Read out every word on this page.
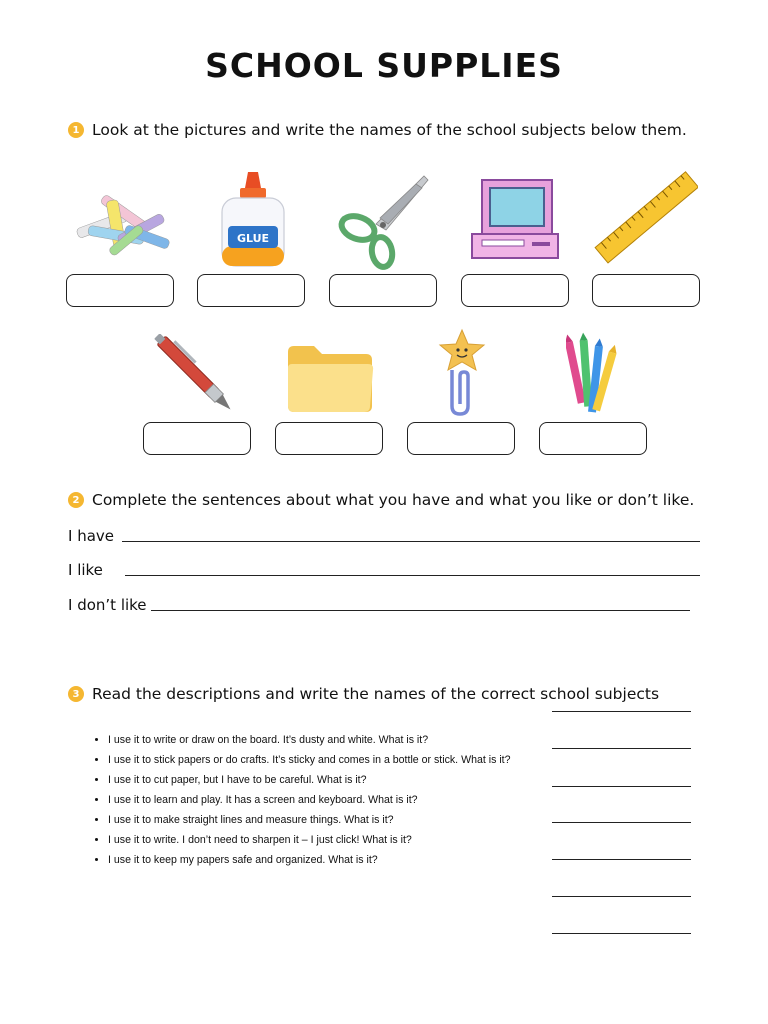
SCHOOL SUPPLIES
1 Look at the pictures and write the names of the school subjects below them.
GLUE
2 Complete the sentences about what you have and what you like or don’t like.
I have
I like
I don’t like
3 Read the descriptions and write the names of the correct school subjects
• I use it to write or draw on the board. It’s dusty and white. What is it?
• I use it to stick papers or do crafts. It’s sticky and comes in a bottle or stick. What is it?
• I use it to cut paper, but I have to be careful. What is it?
• I use it to learn and play. It has a screen and keyboard. What is it?
• I use it to make straight lines and measure things. What is it?
• I use it to write. I don’t need to sharpen it – I just click! What is it?
• I use it to keep my papers safe and organized. What is it?
